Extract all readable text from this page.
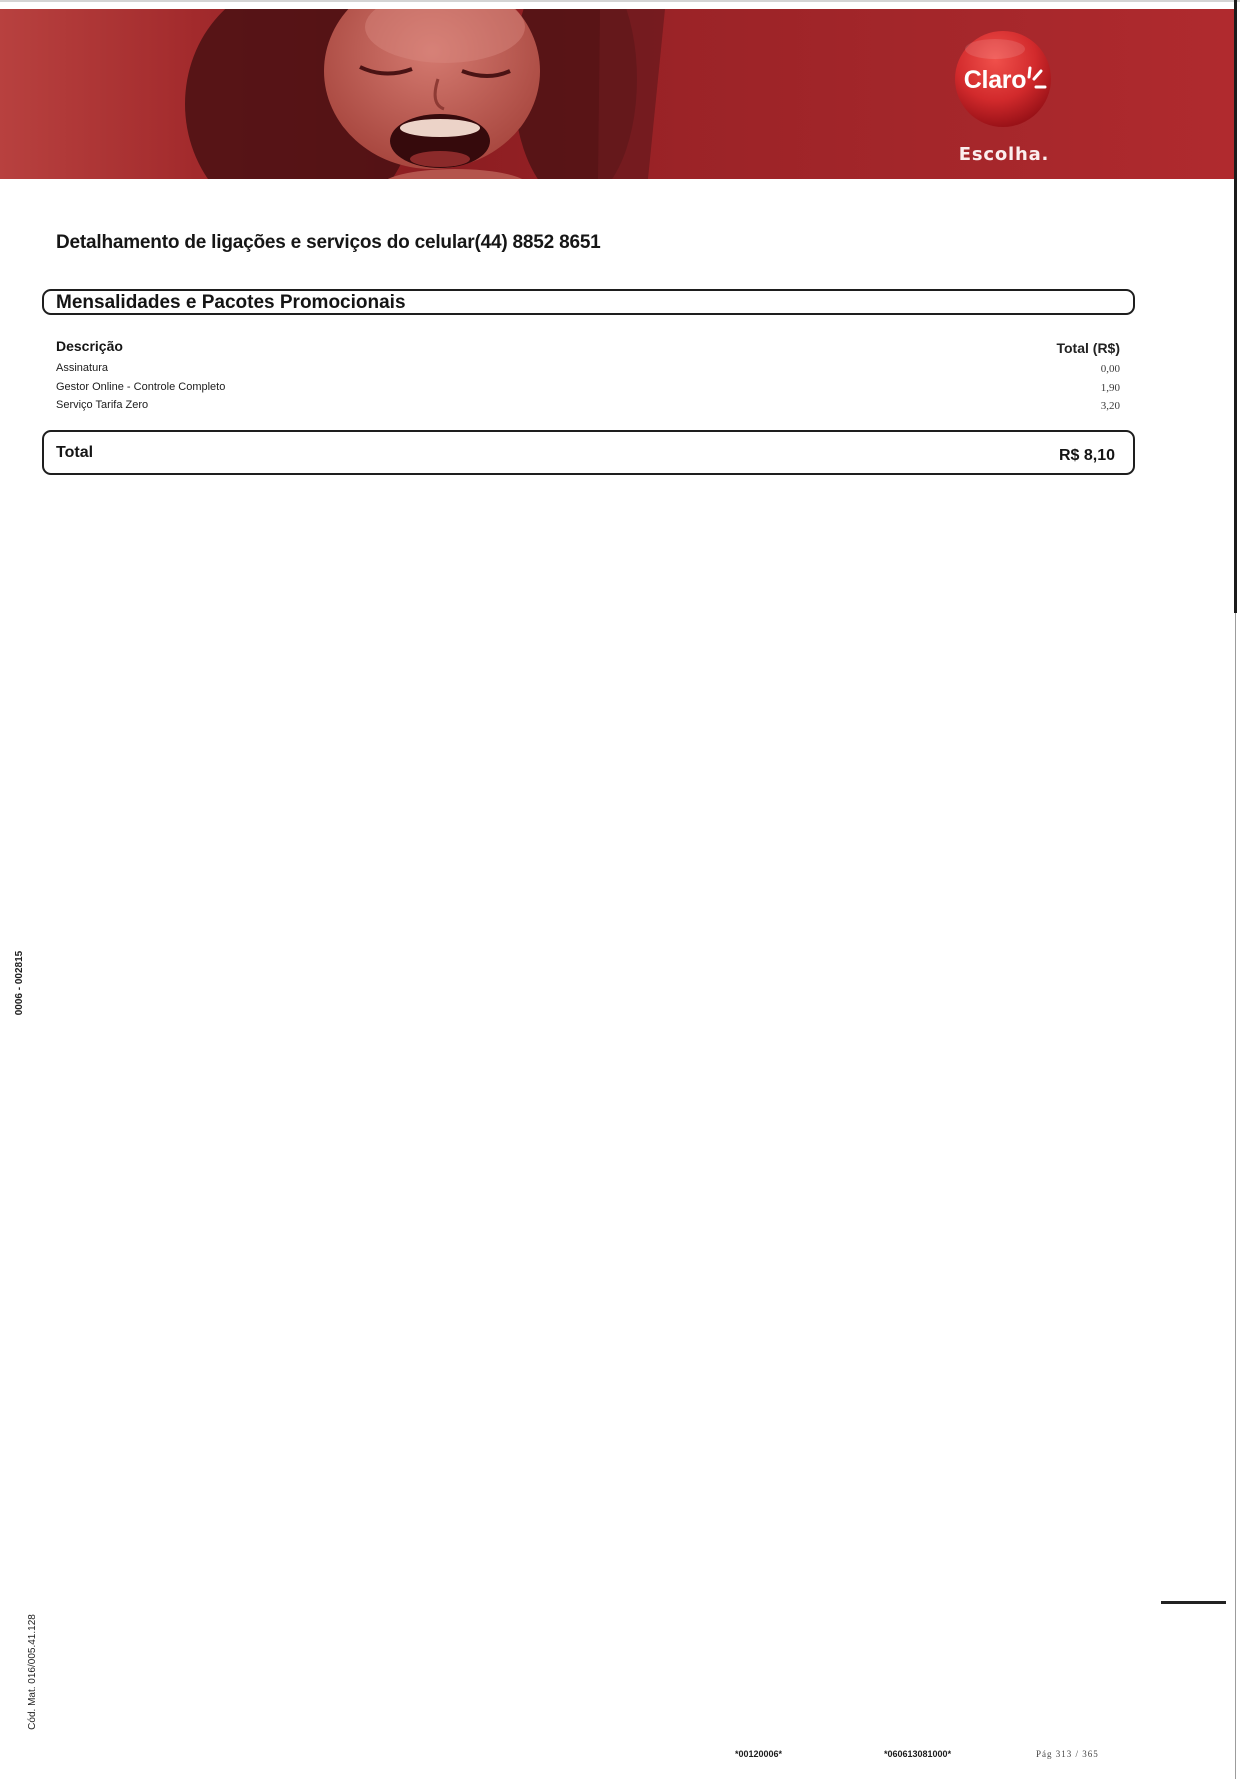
Claro
Escolha.
Detalhamento de ligações e serviços do celular(44) 8852 8651
Mensalidades e Pacotes Promocionais
Descrição	Total (R$)
Assinatura	0,00
Gestor Online - Controle Completo	1,90
Serviço Tarifa Zero	3,20
Total	R$ 8,10
0006 - 002815
Cód. Mat. 016/005.41.128
*00120006*	*060613081000*	Pág 313 / 365
